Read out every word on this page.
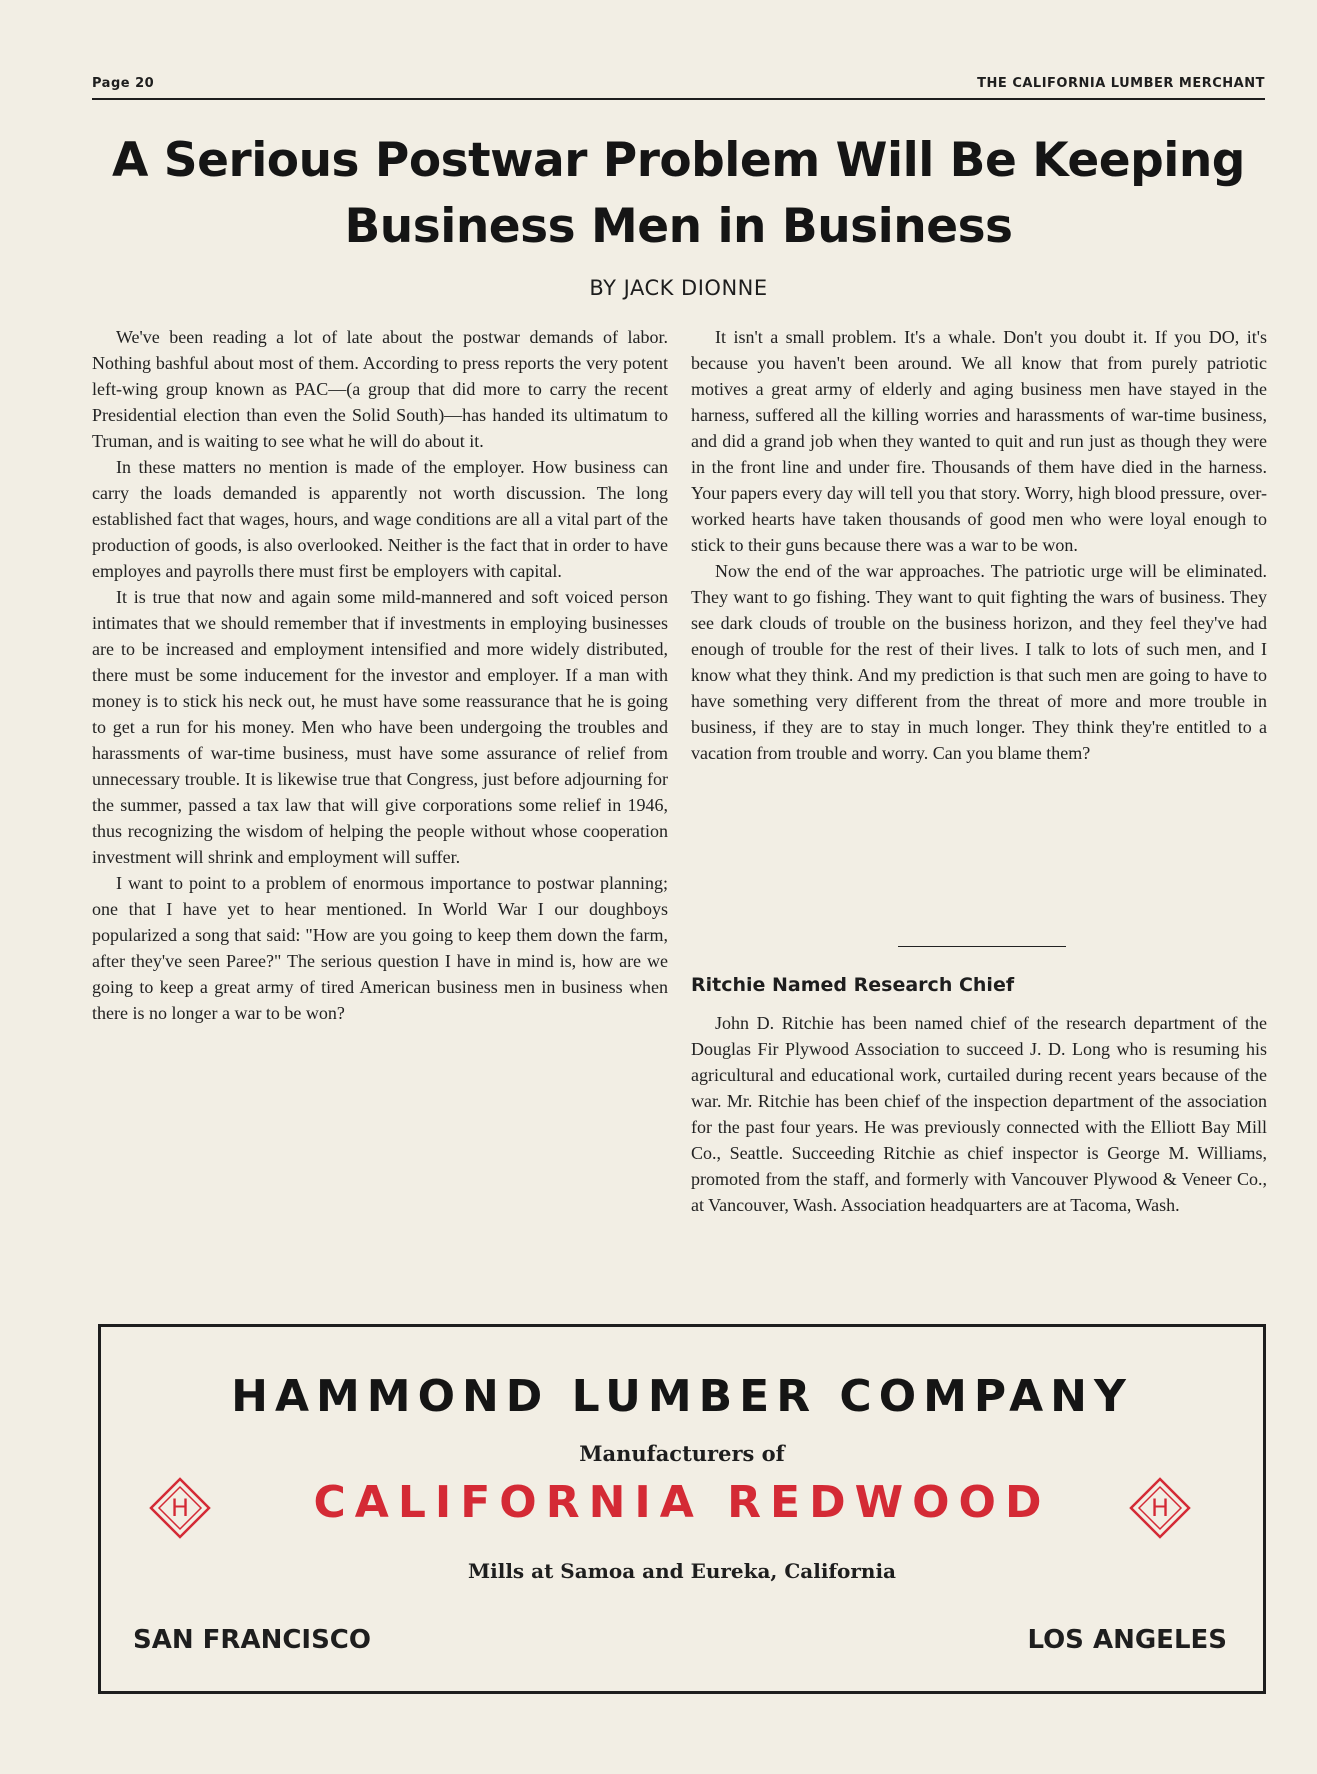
Page 20	THE CALIFORNIA LUMBER MERCHANT
A Serious Postwar Problem Will Be Keeping
Business Men in Business
BY JACK DIONNE

We've been reading a lot of late about the postwar demands of labor. Nothing bashful about most of them. According to press reports the very potent left-wing group known as PAC—(a group that did more to carry the recent Presidential election than even the Solid South)—has handed its ultimatum to Truman, and is waiting to see what he will do about it.

In these matters no mention is made of the employer. How business can carry the loads demanded is apparently not worth discussion. The long established fact that wages, hours, and wage conditions are all a vital part of the production of goods, is also overlooked. Neither is the fact that in order to have employes and payrolls there must first be employers with capital.

It is true that now and again some mild-mannered and soft voiced person intimates that we should remember that if investments in employing businesses are to be increased and employment intensified and more widely distributed, there must be some inducement for the investor and employer. If a man with money is to stick his neck out, he must have some reassurance that he is going to get a run for his money. Men who have been undergoing the troubles and harassments of war-time business, must have some assurance of relief from unnecessary trouble. It is likewise true that Congress, just before adjourning for the summer, passed a tax law that will give corporations some relief in 1946, thus recognizing the wisdom of helping the people without whose cooperation investment will shrink and employment will suffer.

I want to point to a problem of enormous importance to postwar planning; one that I have yet to hear mentioned. In World War I our doughboys popularized a song that said: "How are you going to keep them down the farm, after they've seen Paree?" The serious question I have in mind is, how are we going to keep a great army of tired American business men in business when there is no longer a war to be won?

It isn't a small problem. It's a whale. Don't you doubt it. If you DO, it's because you haven't been around. We all know that from purely patriotic motives a great army of elderly and aging business men have stayed in the harness, suffered all the killing worries and harassments of war-time business, and did a grand job when they wanted to quit and run just as though they were in the front line and under fire. Thousands of them have died in the harness. Your papers every day will tell you that story. Worry, high blood pressure, over-worked hearts have taken thousands of good men who were loyal enough to stick to their guns because there was a war to be won.

Now the end of the war approaches. The patriotic urge will be eliminated. They want to go fishing. They want to quit fighting the wars of business. They see dark clouds of trouble on the business horizon, and they feel they've had enough of trouble for the rest of their lives. I talk to lots of such men, and I know what they think. And my prediction is that such men are going to have to have something very different from the threat of more and more trouble in business, if they are to stay in much longer. They think they're entitled to a vacation from trouble and worry. Can you blame them?

Ritchie Named Research Chief

John D. Ritchie has been named chief of the research department of the Douglas Fir Plywood Association to succeed J. D. Long who is resuming his agricultural and educational work, curtailed during recent years because of the war. Mr. Ritchie has been chief of the inspection department of the association for the past four years. He was previously connected with the Elliott Bay Mill Co., Seattle. Succeeding Ritchie as chief inspector is George M. Williams, promoted from the staff, and formerly with Vancouver Plywood & Veneer Co., at Vancouver, Wash. Association headquarters are at Tacoma, Wash.

HAMMOND LUMBER COMPANY
Manufacturers of
H	CALIFORNIA REDWOOD	H
Mills at Samoa and Eureka, California
SAN FRANCISCO	LOS ANGELES
